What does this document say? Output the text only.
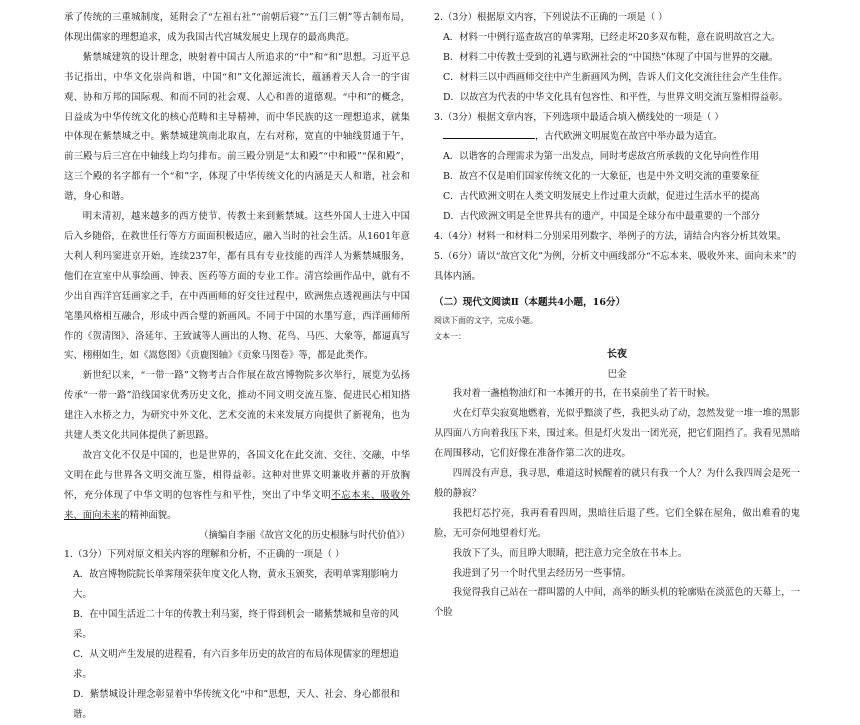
承了传统的三重城制度，延附会了“左祖右社”“前朝后寝”“五门三朝”等古制布局，体现出儒家的理想追求，成为我国古代宫城发展史上现存的最高典范。

紫禁城建筑的设计理念，映射着中国古人所追求的“中”和“和”思想。习近平总书记指出，中华文化崇尚和谐，中国“和”文化源远流长，蕴涵着天人合一的宇宙观、协和万邦的国际观、和而不同的社会观、人心和善的道德观。“中和”的概念，日益成为中华传统文化的核心范畴和主导精神，而中华民族的这一理想追求，就集中体现在紫禁城之中。紫禁城建筑南北取直，左右对称，宽直的中轴线贯通于午，前三殿与后三宫在中轴线上均匀排布。前三殿分别是“太和殿”“中和殿”“保和殿”，这三个殿的名字都有一个“和”字，体现了中华传统文化的内涵是天人和谐，社会和谐，身心和谐。

明末清初，越来越多的西方使节、传教士来到紫禁城。这些外国人士进入中国后入乡随俗，在救世任行等方方面面积极适应，融入当时的社会生活。从1601年意大利人利玛窦进京开始，连续237年，都有具有专业技能的西洋人为紫禁城服务，他们在宣室中从事绘画、钟表、医药等方面的专业工作。清宫绘画作品中，就有不少出自西洋宫廷画家之手，在中西画师的好交往过程中，欧洲焦点透视画法与中国笔墨风格相互融合，形成中西合璧的新画风。不同于中国的水墨写意，西洋画师所作的《贺清图》、洛延年、王致诚等人画出的人物、花鸟、马匹、大象等，都逼真写实、栩栩如生，如《嵩悠图》《贡鹿图轴》《贡象马图卷》等，都是此类作。

新世纪以来，“一带一路”文物考古合作展在故宫博物院多次举行，展览为弘扬传承“一带一路”沿线国家优秀历史文化，推动不同文明交流互鉴、促进民心相知搭建注入水桥之力，为研究中外文化、艺术交流的未来发展方向提供了新视角，也为共建人类文化共同体提供了新思路。

故宫文化不仅是中国的，也是世界的，各国文化在此交流、交往、交融，中华文明在此与世界各文明交流互鉴，相得益彰。这种对世界文明兼收并蓄的开放胸怀，充分体现了中华文明的包容性与和平性，突出了中华文明不忘本来、吸收外来、面向未来的精神面貌。

（摘编自李丽《故宫文化的历史根脉与时代价值》）

1.（3分）下列对原文相关内容的理解和分析，不正确的一项是（ ）

A．故宫博物院院长单霁翔荣获年度文化人物，黄永玉颁奖，表明单霁翔影响力大。

B．在中国生活近二十年的传教士利马窦，终于得到机会一睹紫禁城和皇帝的风采。

C．从文明产生发展的进程看，有六百多年历史的故宫的布局体现儒家的理想追求。

D．紫禁城设计理念彰显着中华传统文化“中和”思想，天人、社会、身心都很和谐。

2.（3分）根据原文内容，下列说法不正确的一项是（ ）

A．材料一中例行巡查故宫的单霁翔，已经走坏20多双布鞋，意在说明故宫之大。

B．材料二中传教士受到的礼遇与欧洲社会的“中国热”体现了中国与世界的交融。

C．材料三以中西画师交往中产生新画风为例，告诉人们文化交流往往会产生佳作。

D．以故宫为代表的中华文化具有包容性、和平性，与世界文明交流互鉴相得益彰。

3.（3分）根据文章内容，下列选项中最适合填入横线处的一项是（ ）

，古代欧洲文明展览在故宫中举办最为适宜。

A．以谐客的合理需求为第一出发点，同时考虑故宫所承载的文化导向性作用

B．故宫不仅是咱们国家传统文化的一大象征，也是中外文明交流的重要象征

C．古代欧洲文明在人类文明发展史上作过重大贡献，促进过生活水平的提高

D．古代欧洲文明是全世界共有的遗产，中国是全球分布中最重要的一个部分

4.（4分）材料一和材料二分别采用列数字、举例子的方法，请结合内容分析其效果。

5.（6分）请以“故宫文化”为例，分析文中画线部分“不忘本来、吸收外来、面向未来”的具体内涵。

（二）现代文阅读Ⅱ（本题共4小题，16分）

阅读下面的文字，完成小题。

文本一：

长夜

巴金

我对着一盏植物油灯和一本摊开的书，在书桌前坐了若干时候。

火在灯草尖寂寞地燃着，光似乎黯淡了些，我把头动了动，忽然发觉一堆一堆的黑影从四面八方向着我压下来，围过来。但是灯火发出一团光亮，把它们阻挡了。我看见黑暗在周围移动，它们好像在准备作第二次的进攻。

四周没有声息，我寻思，难道这时候醒着的就只有我一个人？为什么我四周会是死一般的静寂？

我把灯芯拧亮，我再看看四周，黑暗往后退了些。它们全躲在屋角，做出难看的鬼脸，无可奈何地望着灯光。

我放下了头，而且睁大眼睛，把注意力完全放在书本上。

我进到了另一个时代里去经历另一些事情。

我觉得我自己站在一群叫嚣的人中间，高举的断头机的轮廓贴在淡蓝色的天幕上，一个脸
